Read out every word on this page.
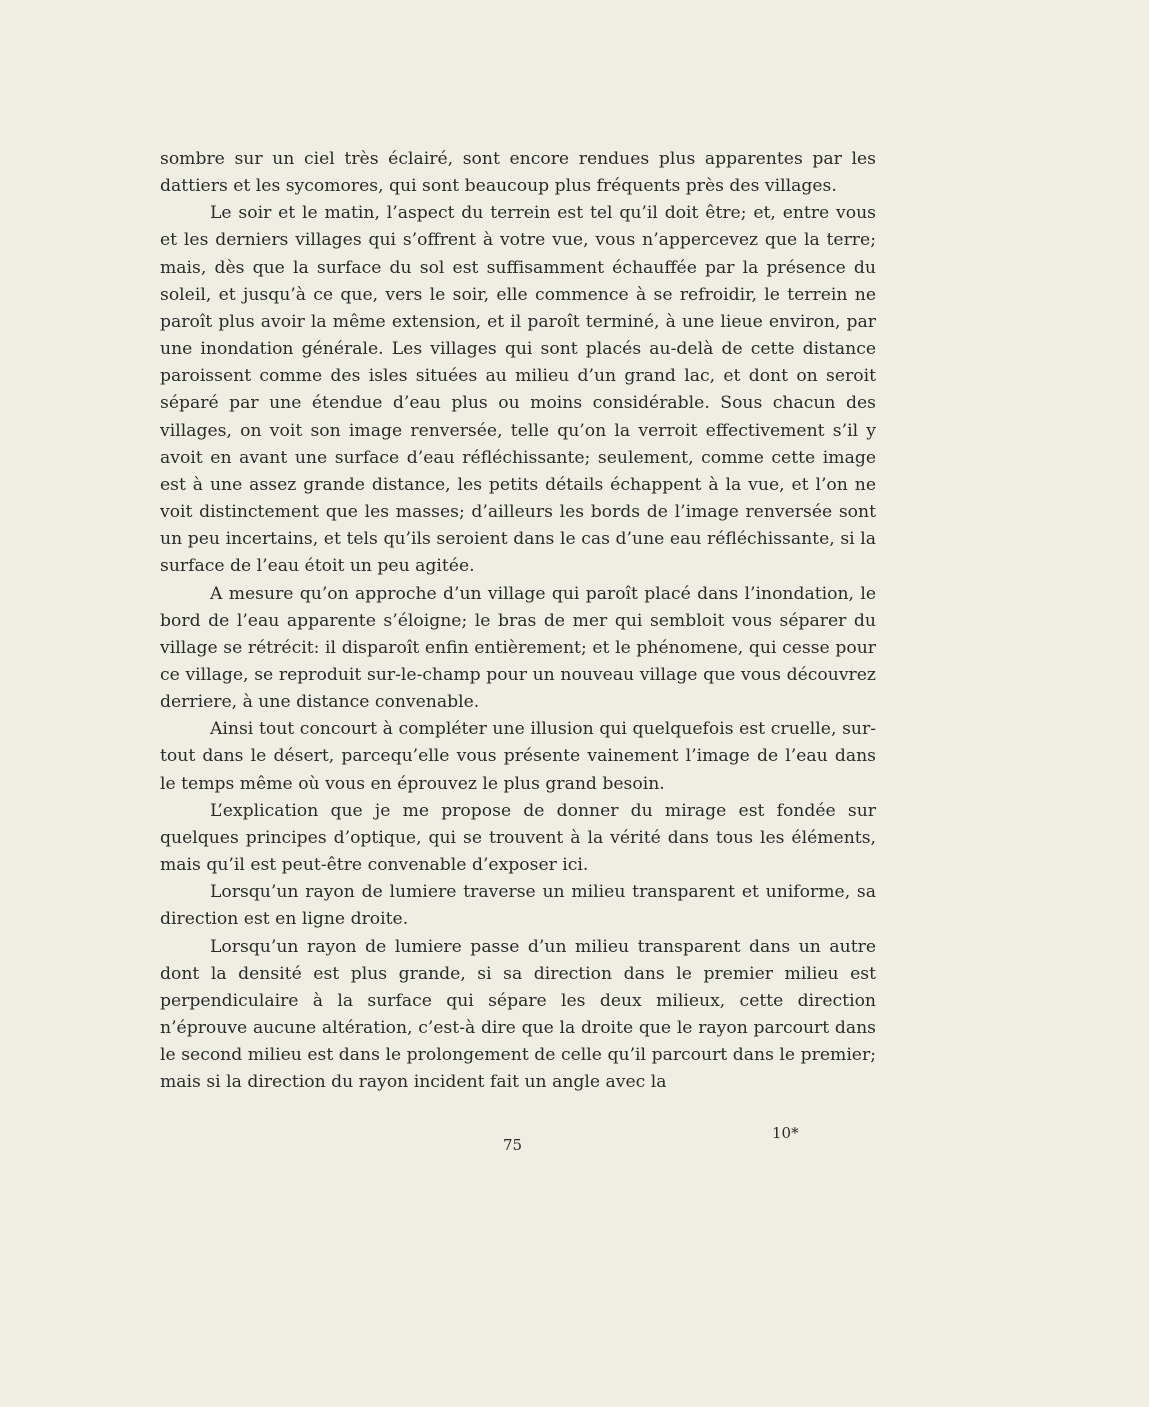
sombre sur un ciel très éclairé, sont encore rendues plus apparentes par les dattiers et les sycomores, qui sont beaucoup plus fréquents près des villages.

Le soir et le matin, l’aspect du terrein est tel qu’il doit être; et, entre vous et les derniers villages qui s’offrent à votre vue, vous n’appercevez que la terre; mais, dès que la surface du sol est suffisamment échauffée par la présence du soleil, et jusqu’à ce que, vers le soir, elle commence à se refroidir, le terrein ne paroît plus avoir la même extension, et il paroît terminé, à une lieue environ, par une inondation générale. Les villages qui sont placés au-delà de cette distance paroissent comme des isles situées au milieu d’un grand lac, et dont on seroit séparé par une étendue d’eau plus ou moins considérable. Sous chacun des villages, on voit son image renversée, telle qu’on la verroit effectivement s’il y avoit en avant une surface d’eau réfléchissante; seulement, comme cette image est à une assez grande distance, les petits détails échappent à la vue, et l’on ne voit distinctement que les masses; d’ailleurs les bords de l’image renversée sont un peu incertains, et tels qu’ils seroient dans le cas d’une eau réfléchissante, si la surface de l’eau étoit un peu agitée.

A mesure qu’on approche d’un village qui paroît placé dans l’inondation, le bord de l’eau apparente s’éloigne; le bras de mer qui sembloit vous séparer du village se rétrécit: il disparoît enfin entièrement; et le phénomene, qui cesse pour ce village, se reproduit sur-le-champ pour un nouveau village que vous découvrez derriere, à une distance convenable.

Ainsi tout concourt à compléter une illusion qui quelquefois est cruelle, sur-tout dans le désert, parcequ’elle vous présente vainement l’image de l’eau dans le temps même où vous en éprouvez le plus grand besoin.

L’explication que je me propose de donner du mirage est fondée sur quelques principes d’optique, qui se trouvent à la vérité dans tous les éléments, mais qu’il est peut-être convenable d’exposer ici.

Lorsqu’un rayon de lumiere traverse un milieu transparent et uniforme, sa direction est en ligne droite.

Lorsqu’un rayon de lumiere passe d’un milieu transparent dans un autre dont la densité est plus grande, si sa direction dans le premier milieu est perpendiculaire à la surface qui sépare les deux milieux, cette direction n’éprouve aucune altération, c’est-à dire que la droite que le rayon parcourt dans le second milieu est dans le prolongement de celle qu’il parcourt dans le premier; mais si la direction du rayon incident fait un angle avec la

75
10*
